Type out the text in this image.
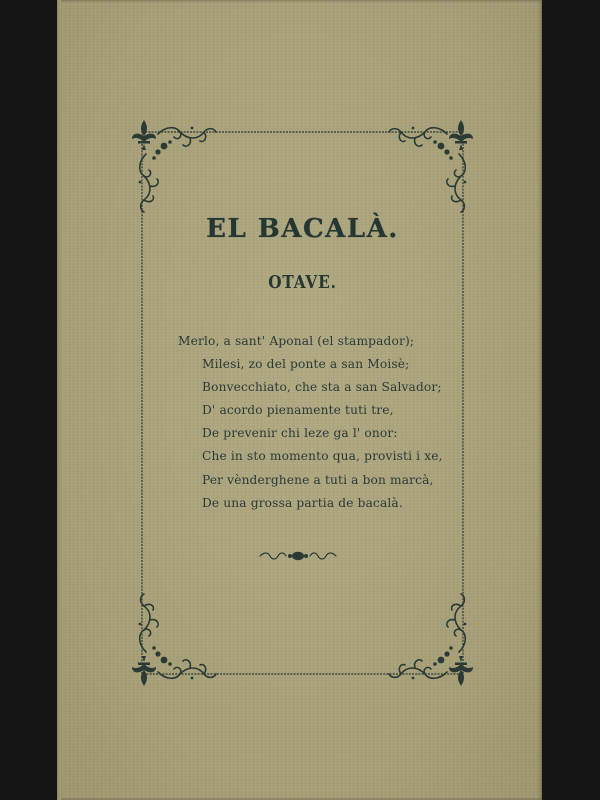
EL BACALÀ.
OTAVE.
Merlo, a sant' Aponal (el stampador);
Milesi, zo del ponte a san Moisè;
Bonvecchiato, che sta a san Salvador;
D' acordo pienamente tuti tre,
De prevenir chi leze ga l' onor:
Che in sto momento qua, provisti i xe,
Per vènderghene a tuti a bon marcà,
De una grossa partia de bacalà.
